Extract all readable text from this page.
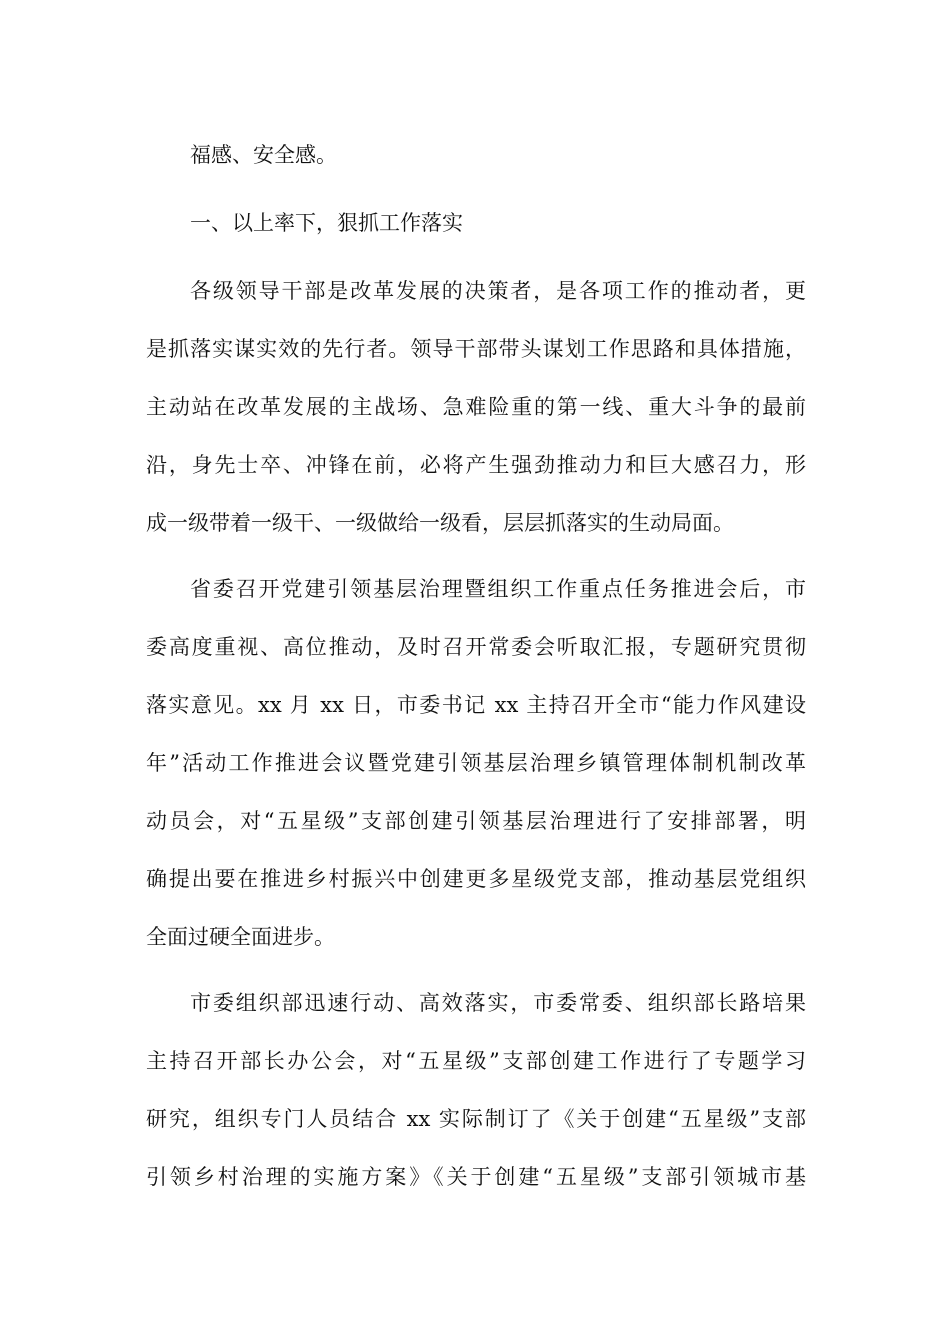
福感、安全感。
一、以上率下，狠抓工作落实
各级领导干部是改革发展的决策者，是各项工作的推动者，更
是抓落实谋实效的先行者。领导干部带头谋划工作思路和具体措施，
主动站在改革发展的主战场、急难险重的第一线、重大斗争的最前
沿，身先士卒、冲锋在前，必将产生强劲推动力和巨大感召力，形
成一级带着一级干、一级做给一级看，层层抓落实的生动局面。
省委召开党建引领基层治理暨组织工作重点任务推进会后，市
委高度重视、高位推动，及时召开常委会听取汇报，专题研究贯彻
落实意见。xx 月 xx 日，市委书记 xx 主持召开全市“能力作风建设
年”活动工作推进会议暨党建引领基层治理乡镇管理体制机制改革
动员会，对“五星级”支部创建引领基层治理进行了安排部署，明
确提出要在推进乡村振兴中创建更多星级党支部，推动基层党组织
全面过硬全面进步。
市委组织部迅速行动、高效落实，市委常委、组织部长路培果
主持召开部长办公会，对“五星级”支部创建工作进行了专题学习
研究，组织专门人员结合 xx 实际制订了《关于创建“五星级”支部
引领乡村治理的实施方案》《关于创建“五星级”支部引领城市基
